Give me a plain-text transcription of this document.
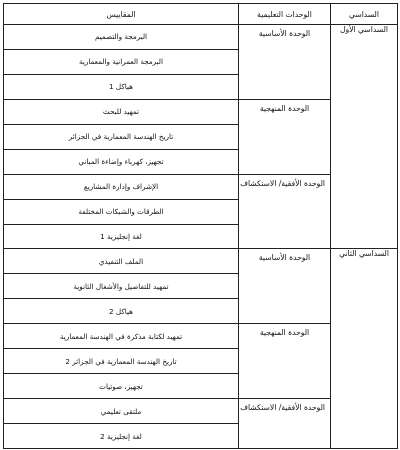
السداسي	الوحدات التعليمية	المقاييس
السداسي الأول	الوحدة الأساسية	البرمجة والتصميم
		البرمجة العمرانية والمعمارية
		هياكل 1
	الوحدة المنهجية	تمهيد للبحث
		تاريخ الهندسة المعمارية في الجزائر
		تجهيز، كهرباء وإضاءة المباني
	الوحدة الأفقية/ الاستكشاف	الإشراف وإدارة المشاريع
		الطرقات والشبكات المختلفة
		لغة إنجليزية 1
السداسي الثاني	الوحدة الأساسية	الملف التنفيذي
		تمهيد للتفاصيل والأشغال الثانوية
		هياكل 2
	الوحدة المنهجية	تمهيد لكتابة مذكرة في الهندسة المعمارية
		تاريخ الهندسة المعمارية في الجزائر 2
		تجهيز، صوتيات
	الوحدة الأفقية/ الاستكشاف	ملتقى تعليمي
		لغة إنجليزية 2
